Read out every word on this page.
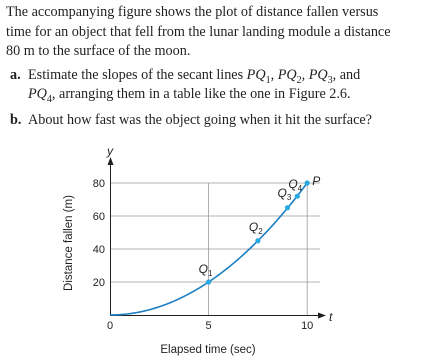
The accompanying figure shows the plot of distance fallen versus
time for an object that fell from the lunar landing module a distance
80 m to the surface of the moon.

a. Estimate the slopes of the secant lines $PQ_1$, $PQ_2$, $PQ_3$, and
$PQ_4$, arranging them in a table like the one in Figure 2.6.
b. About how fast was the object going when it hit the surface?
0	5	10
20
40
60
80
$Q_1$
$Q_2$
$Q_3$
$Q_4$
P
t
y
Elapsed time (sec)
Distance fallen (m)
